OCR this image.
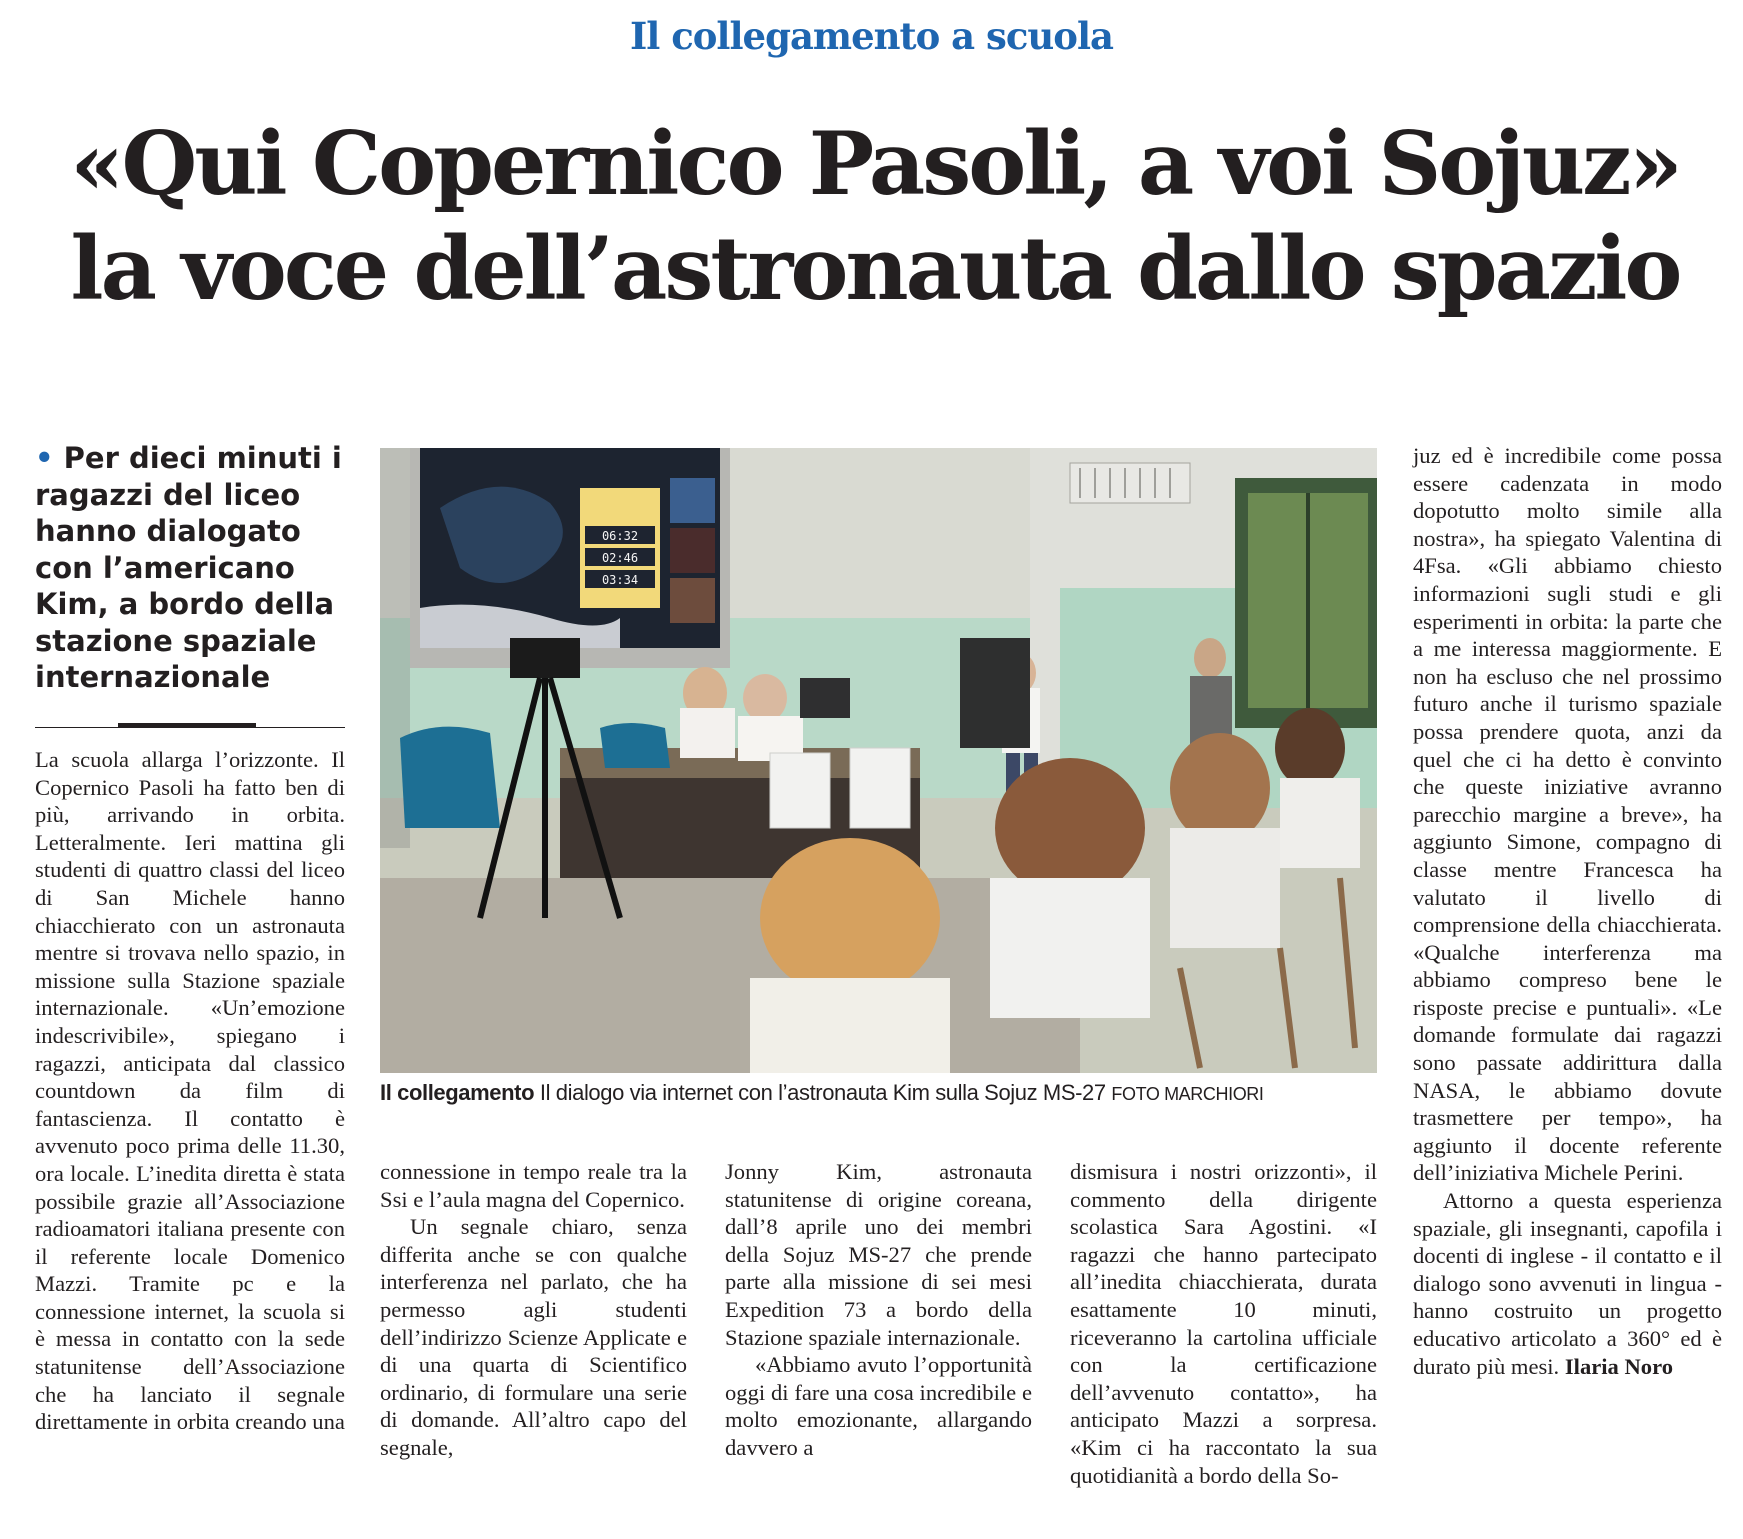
Il collegamento a scuola
«Qui Copernico Pasoli, a voi Sojuz»
la voce dell’astronauta dallo spazio
• Per dieci minuti i ragazzi del liceo hanno dialogato con l’americano Kim, a bordo della stazione spaziale internazionale

La scuola allarga l’orizzonte. Il Copernico Pasoli ha fatto ben di più, arrivando in orbita. Letteralmente. Ieri mattina gli studenti di quattro classi del liceo di San Michele hanno chiacchierato con un astronauta mentre si trovava nello spazio, in missione sulla Stazione spaziale internazionale. «Un’emozione indescrivibile», spiegano i ragazzi, anticipata dal classico countdown da film di fantascienza. Il contatto è avvenuto poco prima delle 11.30, ora locale. L’inedita diretta è stata possibile grazie all’Associazione radioamatori italiana presente con il referente locale Domenico Mazzi. Tramite pc e la connessione internet, la scuola si è messa in contatto con la sede statunitense dell’Associazione che ha lanciato il segnale direttamente in orbita creando una

06:32
02:46
03:34
Il collegamento Il dialogo via internet con l’astronauta Kim sulla Sojuz MS-27 FOTO MARCHIORI

connessione in tempo reale tra la Ssi e l’aula magna del Copernico.

Un segnale chiaro, senza differita anche se con qualche interferenza nel parlato, che ha permesso agli studenti dell’indirizzo Scienze Applicate e di una quarta di Scientifico ordinario, di formulare una serie di domande. All’altro capo del segnale,

Jonny Kim, astronauta statunitense di origine coreana, dall’8 aprile uno dei membri della Sojuz MS-27 che prende parte alla missione di sei mesi Expedition 73 a bordo della Stazione spaziale internazionale.

«Abbiamo avuto l’opportunità oggi di fare una cosa incredibile e molto emozionante, allargando davvero a

dismisura i nostri orizzonti», il commento della dirigente scolastica Sara Agostini. «I ragazzi che hanno partecipato all’inedita chiacchierata, durata esattamente 10 minuti, riceveranno la cartolina ufficiale con la certificazione dell’avvenuto contatto», ha anticipato Mazzi a sorpresa. «Kim ci ha raccontato la sua quotidianità a bordo della So-

juz ed è incredibile come possa essere cadenzata in modo dopotutto molto simile alla nostra», ha spiegato Valentina di 4Fsa. «Gli abbiamo chiesto informazioni sugli studi e gli esperimenti in orbita: la parte che a me interessa maggiormente. E non ha escluso che nel prossimo futuro anche il turismo spaziale possa prendere quota, anzi da quel che ci ha detto è convinto che queste iniziative avranno parecchio margine a breve», ha aggiunto Simone, compagno di classe mentre Francesca ha valutato il livello di comprensione della chiacchierata. «Qualche interferenza ma abbiamo compreso bene le risposte precise e puntuali». «Le domande formulate dai ragazzi sono passate addirittura dalla NASA, le abbiamo dovute trasmettere per tempo», ha aggiunto il docente referente dell’iniziativa Michele Perini.

Attorno a questa esperienza spaziale, gli insegnanti, capofila i docenti di inglese - il contatto e il dialogo sono avvenuti in lingua - hanno costruito un progetto educativo articolato a 360° ed è durato più mesi. Ilaria Noro
